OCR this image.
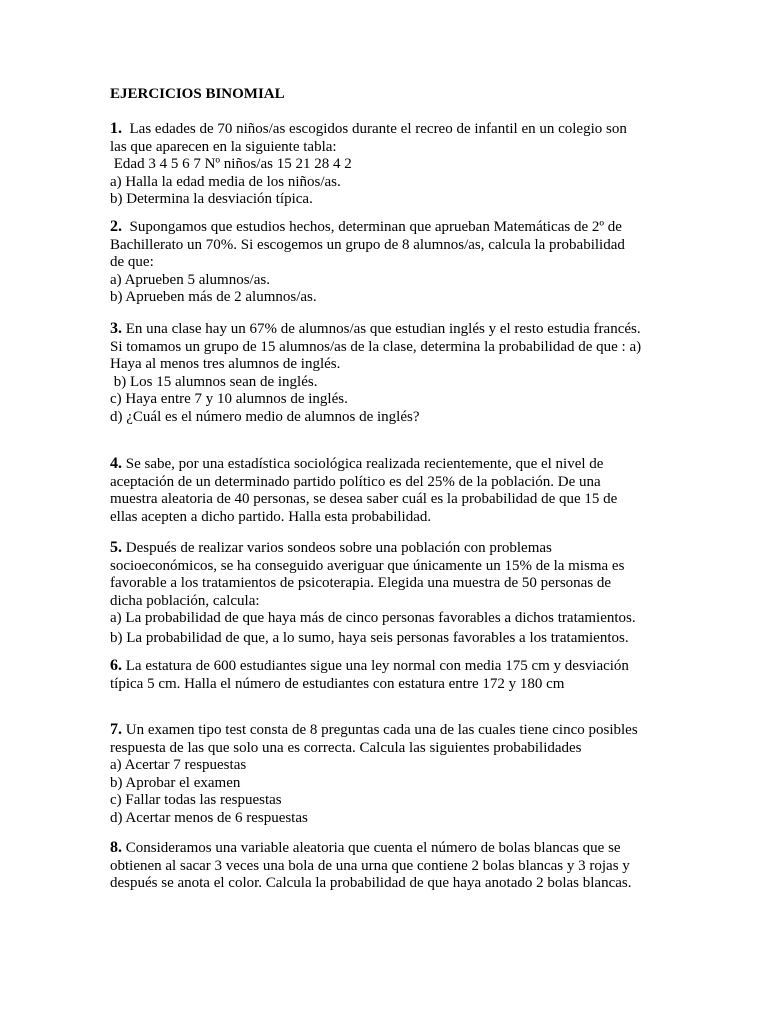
EJERCICIOS BINOMIAL
1.  Las edades de 70 niños/as escogidos durante el recreo de infantil en un colegio son
las que aparecen en la siguiente tabla:
Edad 3 4 5 6 7 Nº niños/as 15 21 28 4 2
a) Halla la edad media de los niños/as.
b) Determina la desviación típica.
2.  Supongamos que estudios hechos, determinan que aprueban Matemáticas de 2º de
Bachillerato un 70%. Si escogemos un grupo de 8 alumnos/as, calcula la probabilidad
de que:
a) Aprueben 5 alumnos/as.
b) Aprueben más de 2 alumnos/as.
3. En una clase hay un 67% de alumnos/as que estudian inglés y el resto estudia francés.
Si tomamos un grupo de 15 alumnos/as de la clase, determina la probabilidad de que : a)
Haya al menos tres alumnos de inglés.
b) Los 15 alumnos sean de inglés.
c) Haya entre 7 y 10 alumnos de inglés.
d) ¿Cuál es el número medio de alumnos de inglés?
4. Se sabe, por una estadística sociológica realizada recientemente, que el nivel de
aceptación de un determinado partido político es del 25% de la población. De una
muestra aleatoria de 40 personas, se desea saber cuál es la probabilidad de que 15 de
ellas acepten a dicho partido. Halla esta probabilidad.
5. Después de realizar varios sondeos sobre una población con problemas
socioeconómicos, se ha conseguido averiguar que únicamente un 15% de la misma es
favorable a los tratamientos de psicoterapia. Elegida una muestra de 50 personas de
dicha población, calcula:
a) La probabilidad de que haya más de cinco personas favorables a dichos tratamientos.
b) La probabilidad de que, a lo sumo, haya seis personas favorables a los tratamientos.
6. La estatura de 600 estudiantes sigue una ley normal con media 175 cm y desviación
típica 5 cm. Halla el número de estudiantes con estatura entre 172 y 180 cm
7. Un examen tipo test consta de 8 preguntas cada una de las cuales tiene cinco posibles
respuesta de las que solo una es correcta. Calcula las siguientes probabilidades
a) Acertar 7 respuestas
b) Aprobar el examen
c) Fallar todas las respuestas
d) Acertar menos de 6 respuestas
8. Consideramos una variable aleatoria que cuenta el número de bolas blancas que se
obtienen al sacar 3 veces una bola de una urna que contiene 2 bolas blancas y 3 rojas y
después se anota el color. Calcula la probabilidad de que haya anotado 2 bolas blancas.
